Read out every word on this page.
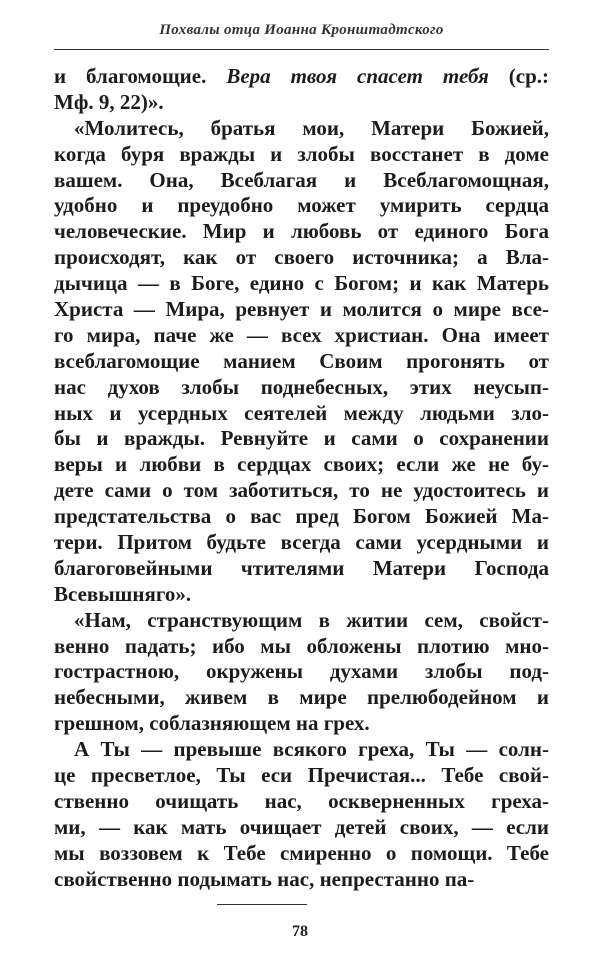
Похвалы отца Иоанна Кронштадтского
и благомощие. Вера твоя спасет тебя (ср.:
Мф. 9, 22)».
«Молитесь, братья мои, Матери Божией,
когда буря вражды и злобы восстанет в доме
вашем. Она, Всеблагая и Всеблагомощная,
удобно и преудобно может умирить сердца
человеческие. Мир и любовь от единого Бога
происходят, как от своего источника; а Вла-
дычица — в Боге, едино с Богом; и как Матерь
Христа — Мира, ревнует и молится о мире все-
го мира, паче же — всех христиан. Она имеет
всеблагомощие манием Своим прогонять от
нас духов злобы поднебесных, этих неусып-
ных и усердных сеятелей между людьми зло-
бы и вражды. Ревнуйте и сами о сохранении
веры и любви в сердцах своих; если же не бу-
дете сами о том заботиться, то не удостоитесь и
предстательства о вас пред Богом Божией Ма-
тери. Притом будьте всегда сами усердными и
благоговейными чтителями Матери Господа
Всевышняго».
«Нам, странствующим в житии сем, свойст-
венно падать; ибо мы обложены плотию мно-
гострастною, окружены духами злобы под-
небесными, живем в мире прелюбодейном и
грешном, соблазняющем на грех.
А Ты — превыше всякого греха, Ты — солн-
це пресветлое, Ты еси Пречистая... Тебе свой-
ственно очищать нас, оскверненных греха-
ми, — как мать очищает детей своих, — если
мы воззовем к Тебе смиренно о помощи. Тебе
свойственно подымать нас, непрестанно па-
78
